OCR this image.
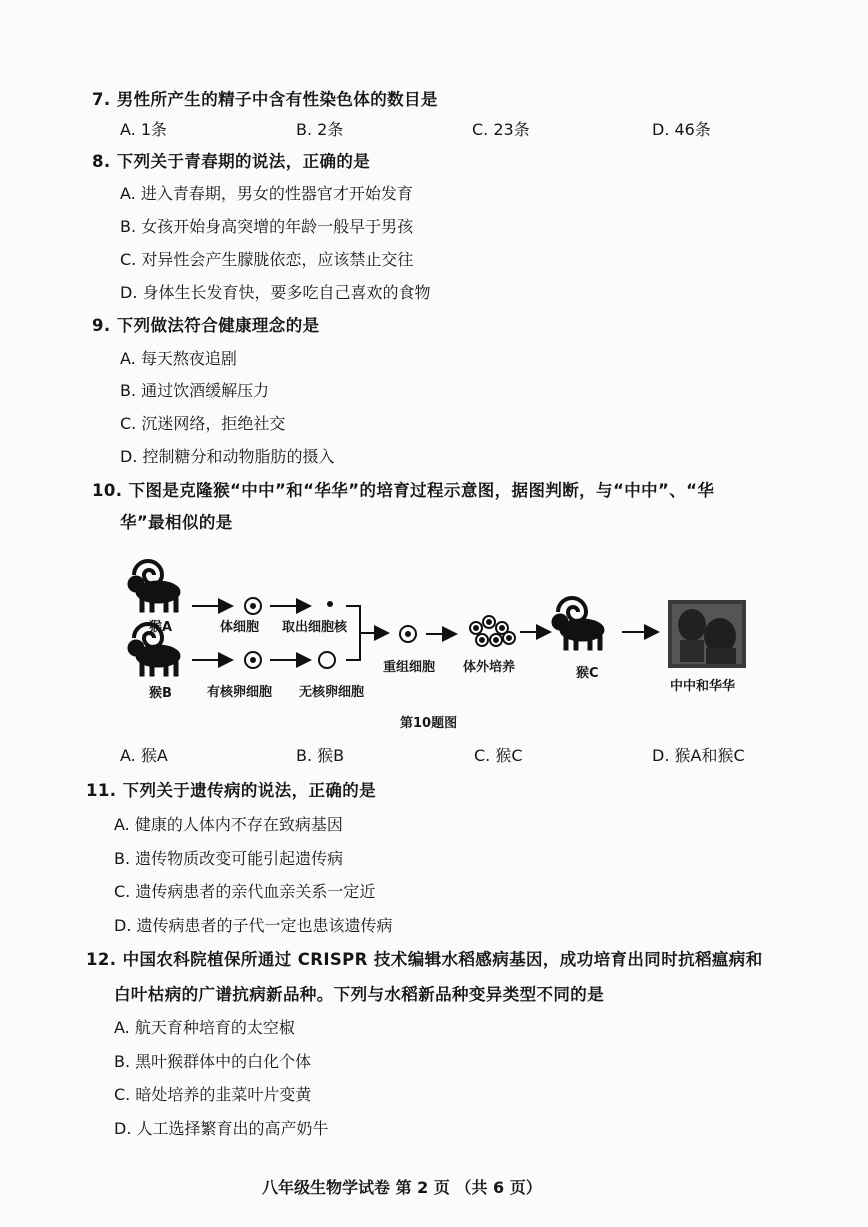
7. 男性所产生的精子中含有性染色体的数目是
A. 1条	B. 2条	C. 23条	D. 46条
8. 下列关于青春期的说法，正确的是
A. 进入青春期，男女的性器官才开始发育
B. 女孩开始身高突增的年龄一般早于男孩
C. 对异性会产生朦胧依恋，应该禁止交往
D. 身体生长发育快，要多吃自己喜欢的食物
9. 下列做法符合健康理念的是
A. 每天熬夜追剧
B. 通过饮酒缓解压力
C. 沉迷网络，拒绝社交
D. 控制糖分和动物脂肪的摄入
10. 下图是克隆猴“中中”和“华华”的培育过程示意图，据图判断，与“中中”、“华
华”最相似的是
猴A	体细胞 取出细胞核
猴B	有核卵细胞 无核卵细胞
重组细胞 体外培养	猴C
中中和华华
第10题图
A. 猴A	B. 猴B	C. 猴C	D. 猴A和猴C
11. 下列关于遗传病的说法，正确的是
A. 健康的人体内不存在致病基因
B. 遗传物质改变可能引起遗传病
C. 遗传病患者的亲代血亲关系一定近
D. 遗传病患者的子代一定也患该遗传病
12. 中国农科院植保所通过 CRISPR 技术编辑水稻感病基因，成功培育出同时抗稻瘟病和
白叶枯病的广谱抗病新品种。下列与水稻新品种变异类型不同的是
A. 航天育种培育的太空椒
B. 黑叶猴群体中的白化个体
C. 暗处培养的韭菜叶片变黄
D. 人工选择繁育出的高产奶牛
八年级生物学试卷 第 2 页 （共 6 页）
